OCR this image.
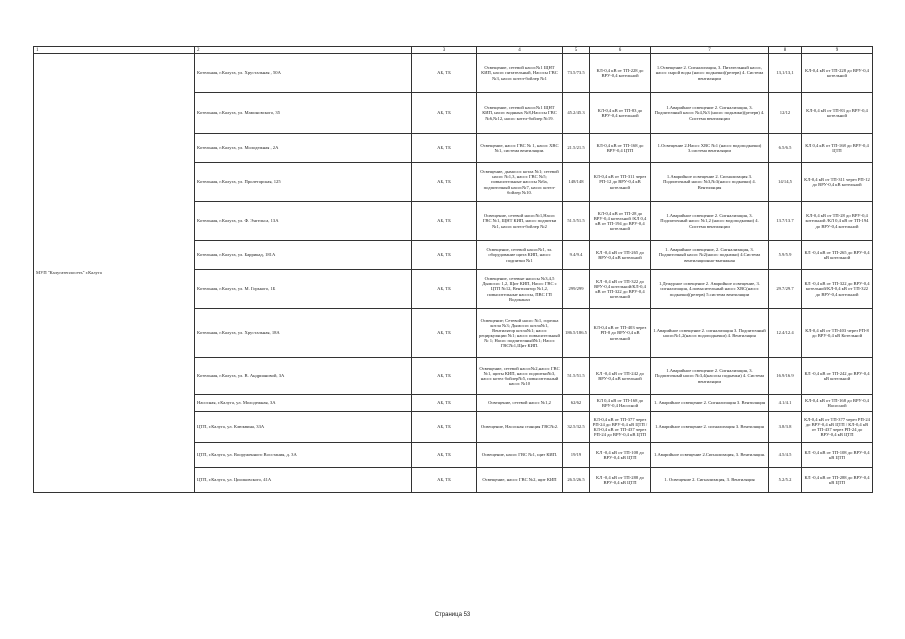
1	2	3	4	5	6	7	8	9
МУП "Калугатеплосеть" г.Калуга	Котельная, г.Калуга, ул. Хрустальная , 50А	АБ, ТБ	Освещение, сетевой насос№1 ЩНТ КИП, насос питательный, Насосы ГВС №3, насос котел-бойлер №1	73.5/73.5	КЛ-0,4 кВ от ТП-228 до ВРУ-0,4 котельной	1.Освещение 2. Сигнализация, 3. Питательный насос, насос сырой воды (насос подкачки)(резерв) 4. Система вентиляции	13,1/13,1	КЛ-0,4 кВ от ТП-228 до ВРУ-0,4 котельной
	Котельная, г.Калуга, ул. Мамоновского, 35	АБ, ТБ	Освещение, сетевой насос№1 ЩНТ КИП, насос водяных №8,Насосы ГВС №6,№12, насос котел-бойлер №19.	45.2/45.3	КЛ-0,4 кВ от ТП-83 до ВРУ-0,4 котельной	1.Аварийное освещение 2. Сигнализация, 3. Подпиточный насос №4,№3 (насос подкачки)(резерв) 4. Система вентиляции	12/12	КЛ-0,4 кВ от ТП-83 до ВРУ-0,4 котельной
	Котельная, г.Калуга, ул. Молодежная , 2А	АБ, ТБ	Освещение, насос ГВС № 1, насос ХВС №1, система вентиляции.	21.5/21.5	КЛ-0,4 кВ от ТП-168 до ВРУ-0,4 ЦТП	1.Освещение 2.Насос ХВС №1 (насос водоподкачки) 3.система вентиляции	6.5/6.5	КЛ 0,4 кВ от ТП-168 до ВРУ-0,4 ЦТП
	Котельная, г.Калуга, ул. Пролетарская, 125	АБ, ТБ	Освещение, дымосос котла №1; сетевой насос №1,3, насос ГВС №5; повысительные насосы №6а, подпиточный насос№7, насос котел-бойлер №10.	148/148	КЛ-0,4 кВ от ТП-311 через РП-12 до ВРУ-0,4 кВ котельной	1.Аварийное освещение 2. Сигнализация 3. Подпиточный насос №3,№3(насос подкачки) 4. Вентиляция	14/14,5	КЛ-0,4 кВ от ТП-311 через РП-12 до ВРУ-0,4 кВ котельной
	Котельная, г.Калуга, ул. Ф. Энгельса, 13А	АБ, ТБ	Освещение, сетевой насос№1,Насос ГВС №1, ЩНТ КИП, насос подпитки №1, насос котел-бойлер №2	51.5/51.5	КЛ-0,4 кВ от ТП-28 до ВРУ-0,4 котельной /КЛ 0,4 кВ от ТП-194 до ВРУ-0,4 котельной	1.Аварийное освещение 2. Сигнализация, 3. Подпиточный насос №1,2 (насос водоподкачки) 4. Система вентиляции	13.7/13.7	КЛ-0,4 кВ от ТП-28 до ВРУ-0,4 котельной /КЛ 0,4 кВ от ТП-194 до ВРУ-0,4 котельной
	Котельная, г.Калуга, ул. Баррикад, 181А	АБ, ТБ	Освещение, сетевой насос№1, эл. оборудование щита КИП, насос подпитки №1	9.4/9.4	КЛ -0,4 кВ от ТП-265 до ВРУ-0,4 кВ котельной	1. Аварийное освещение, 2. Сигнализация, 3. Подпиточный насос №2(насос подкачки) 4.Система вентиляционно-вытяжная	5.9/5.9	КЛ -0,4 кВ от ТП-265 до ВРУ-0,4 кВ котельной
	Котельная, г.Калуга, ул. М. Горького, 1Б	АБ, ТБ	Освещение, сетевые насосы №3,4,5 Дымосос 1,2, Щит КИП, Насос ГВС с ЦТП №12, Вентилятор №1,2, повысительные насосы, ПВС ГП Водоканал	299/299	КЛ -0,4 кВ от ТП-322 до ВРУ-0,4 котельной/КЛ-0,4 кВ от ТП-322 до ВРУ-0,4 котельной	1.Дежурное освещение 2. Аварийное освещение, 3. сигнализация, 4.повысительный насос ХВС(насос подкачки)(резерв) 5.система вентиляции	29.7/29.7	КЛ -0,4 кВ от ТП-322 до ВРУ-0,4 котельной/КЛ-0,4 кВ от ТП-322 до ВРУ-0,4 котельной
	Котельная, г.Калуга, ул. Хрустальная, 18А	АБ, ТБ	Освещение; Сетевой насос №1, горелка котла №3; Дымосос котла№1, Вентилятор котла№1; насос рециркуляции №1; насос повысительный № 1; Насос подпиточный№1; Насос ГВС№1,Щит КИП.	186.5/186.5	КЛ-0,4 кВ от ТП-403 через РП-8 до ВРУ-0,4 кВ котельной	1.Аварийное освещение 2. сигнализация 3. Подпиточный насос№1,2(насос водоподкачки) 4. Вентиляция	12.4/12.4	КЛ-0,4 кВ от ТП-403 через РП-8 до ВРУ-0,4 кВ Котельной
	Котельная, г.Калуга, ул. В. Андриановой, 3А	АБ, ТБ	Освещение, сетевой насос№2,насос ГВС №1, щиты КИП, насос подпитки№3, насос котел бойлер№5, повысительный насос №10	51.5/51.5	КЛ -0,4 кВ от ТП-242 до ВРУ-0,4 кВ котельной	1.Аварийное освещение 2. Сигнализация, 3. Подпиточный насос №3,4(насосы подкачки) 4. Система вентиляции	16.9/16.9	КЛ -0,4 кВ от ТП-242 до ВРУ-0,4 кВ котельной
	Насосная, г.Калуга, ул. Молодежная, 3А	АБ, ТБ	Освещение, сетевой насос №1,2	62/62	КЛ 0,4 кВ от ТП-168 до ВРУ-0,4 Насосной	1. Аварийное освещение 2. Сигнализация 3. Вентиляция	4.1/4.1	КЛ-0,4 кВ от ТП-168 до ВРУ-0,4 Насосной
	ЦТП, г.Калуга, ул. Клюквина, 33А	АБ, ТБ	Освещение, Насосная станция ГВС№2.	32.5/32.5	КЛ-0,4 кВ от ТП-377 через РП-24 до ВРУ-0,4 кВ ЦТП / КЛ-0,4 кВ от ТП-437 через РП-24 до ВРУ-0,4 кВ ЦТП	1.Аварийное освещение 2. сигнализация 3. Вентиляция	3.8/3.8	КЛ-0,4 кВ от ТП-377 через РП-24 до ВРУ-0,4 кВ ЦТП / КЛ-0,4 кВ от ТП-437 через РП-24 до ВРУ-0,4 кВ ЦТП
	ЦТП, г.Калуга, ул. Вооруженного Восстания, д. 3А	АБ, ТБ	Освещение, насос ГВС №1, щит КИП.	19/19	КЛ -0,4 кВ от ТП-108 до ВРУ-0,4 кВ ЦТП	1.Аварийное освещение 2.Сигнализация, 3. Вентиляция.	4.5/4.5	КЛ -0,4 кВ от ТП-108 до ВРУ-0,4 кВ ЦТП
	ЦТП, г.Калуга, ул. Циолковского, 41А	АБ, ТБ	Освещение, насос ГВС №2, щит КИП	26.5/26.5	КЛ -0,4 кВ от ТП-288 до ВРУ-0,4 кВ ЦТП	1. Освещение 2. Сигнализация, 3. Вентиляция	5.2/5.2	КЛ -0,4 кВ от ТП-288 до ВРУ-0,4 кВ ЦТП
Страница 53
